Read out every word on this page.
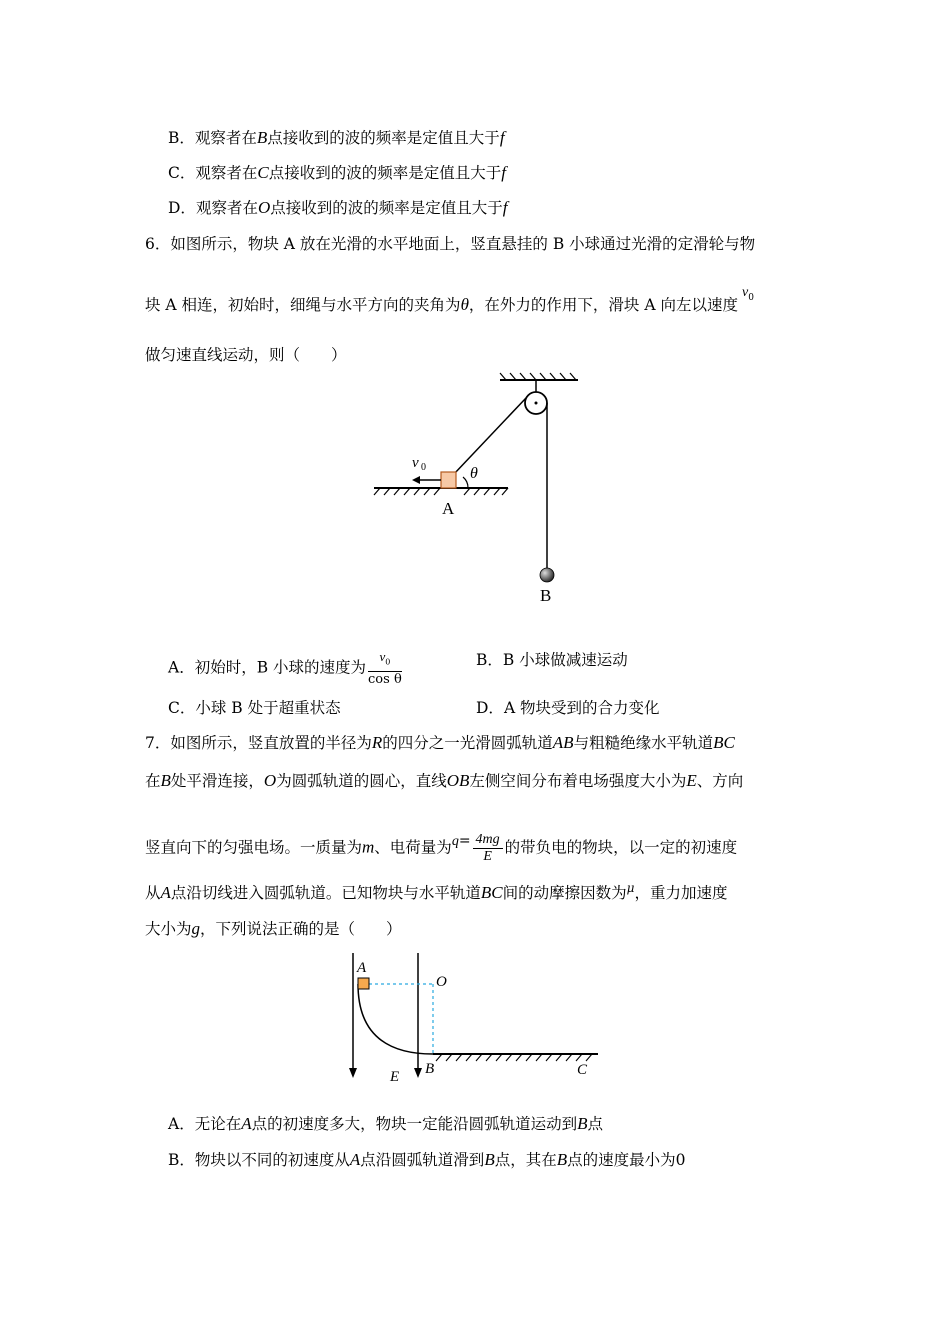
B．观察者在B点接收到的波的频率是定值且大于f
C．观察者在C点接收到的波的频率是定值且大于f
D．观察者在O点接收到的波的频率是定值且大于f
6．如图所示，物块 A 放在光滑的水平地面上，竖直悬挂的 B 小球通过光滑的定滑轮与物
块 A 相连，初始时，细绳与水平方向的夹角为θ，在外力的作用下，滑块 A 向左以速度$v_0$
做匀速直线运动，则（　　）
B
θ
v 0
A
A．初始时，B 小球的速度为 $\frac{v_0}{\text{cos θ}}$	B．B 小球做减速运动
C．小球 B 处于超重状态	D．A 物块受到的合力变化
7．如图所示，竖直放置的半径为R的四分之一光滑圆弧轨道AB与粗糙绝缘水平轨道BC
在B处平滑连接，O为圆弧轨道的圆心，直线OB左侧空间分布着电场强度大小为E、方向
竖直向下的匀强电场。一质量为m、电荷量为$q= \frac{4mg}{E}$ 的带负电的物块，以一定的初速度
从A点沿切线进入圆弧轨道。已知物块与水平轨道BC间的动摩擦因数为$^\mu$，重力加速度
大小为g，下列说法正确的是（　　）
A
O
E B	C
A．无论在A点的初速度多大，物块一定能沿圆弧轨道运动到B点
B．物块以不同的初速度从A点沿圆弧轨道滑到B点，其在B点的速度最小为0
